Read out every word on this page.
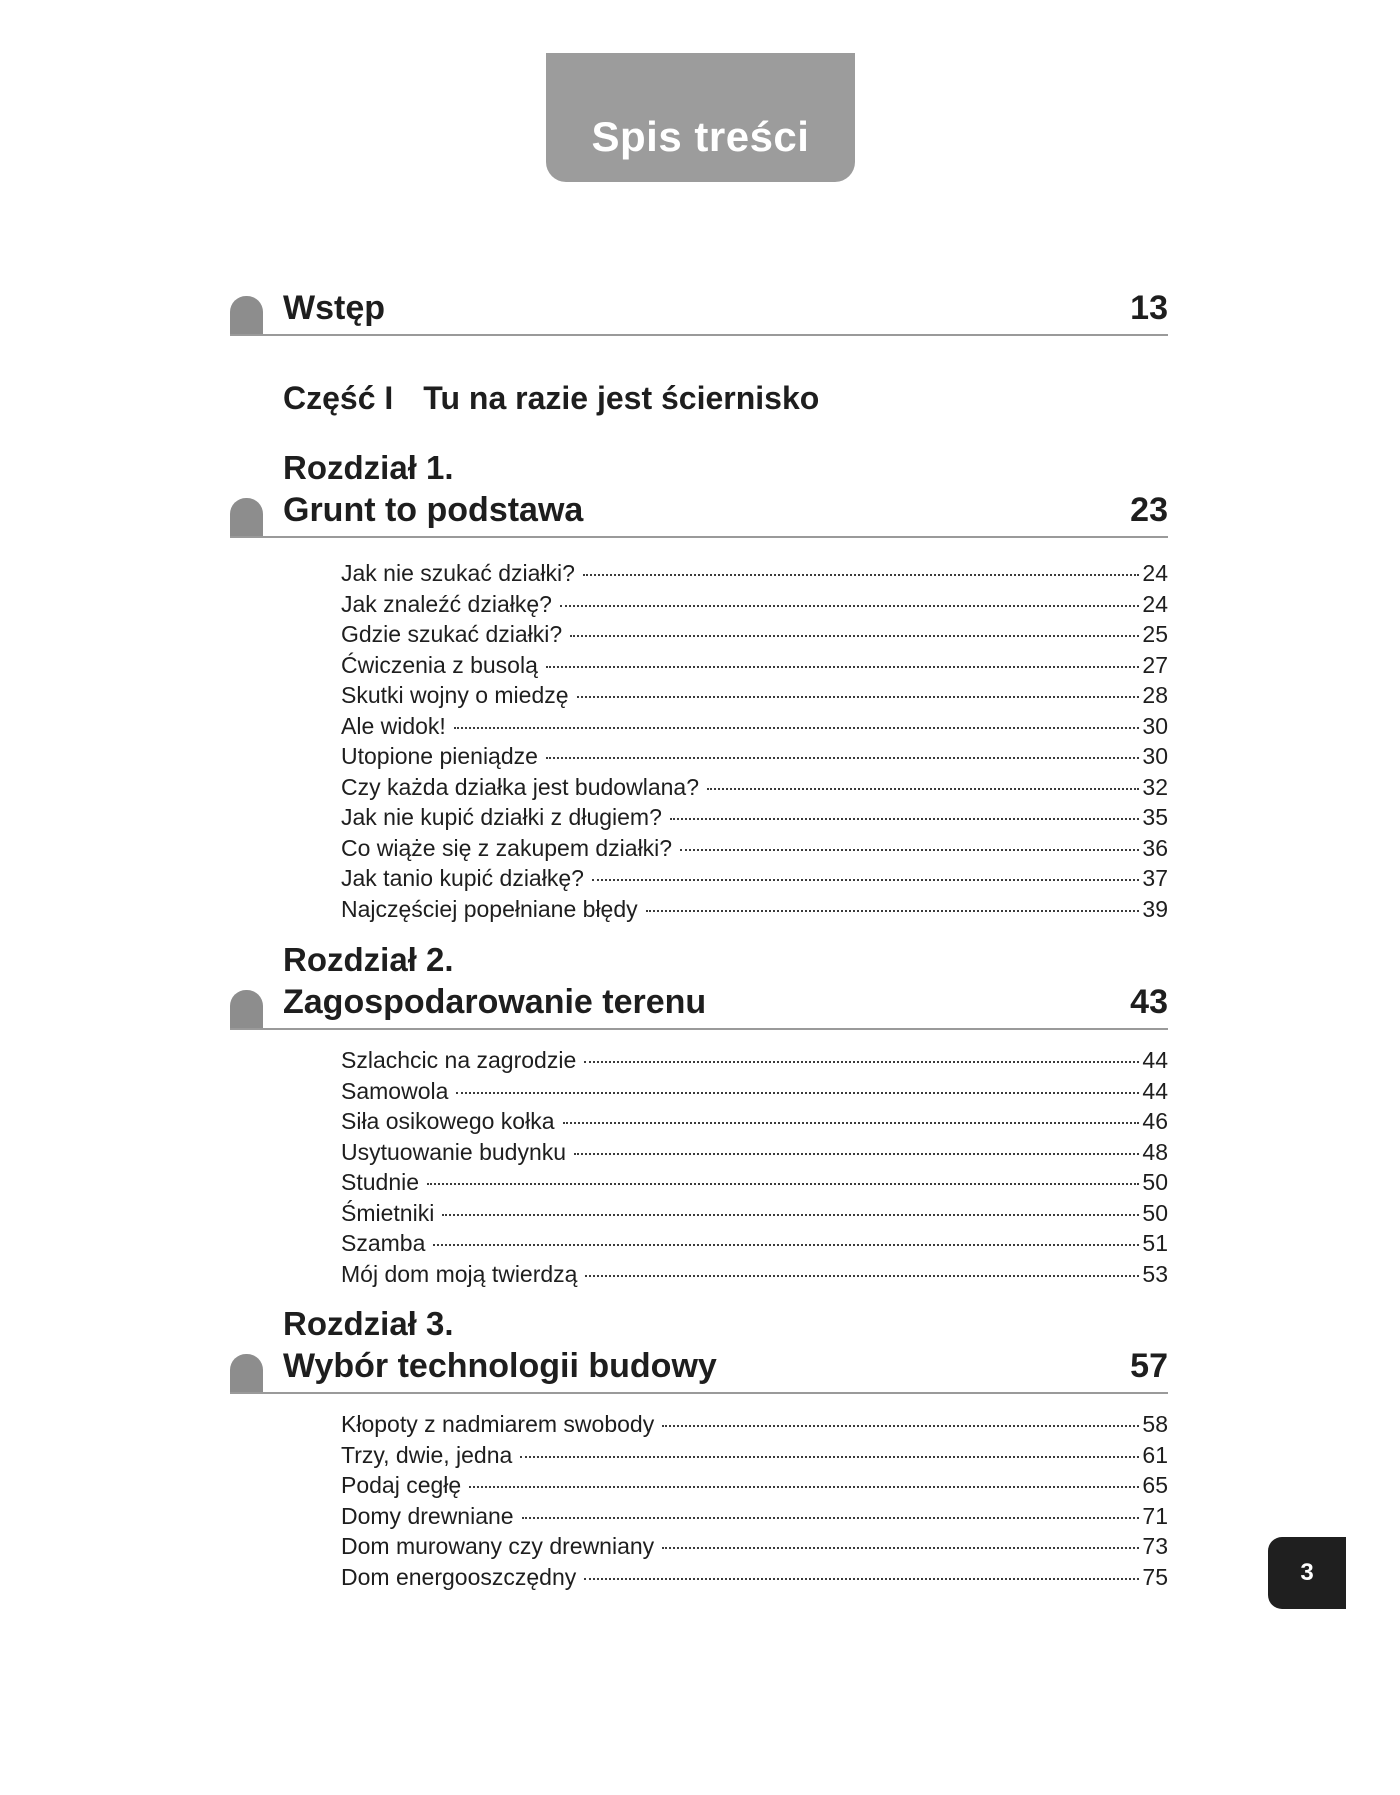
Spis treści
Wstęp	13
Część I Tu na razie jest ściernisko
Rozdział 1.
Grunt to podstawa	23
Jak nie szukać działki?	24
Jak znaleźć działkę?	24
Gdzie szukać działki?	25
Ćwiczenia z busolą	27
Skutki wojny o miedzę	28
Ale widok!	30
Utopione pieniądze	30
Czy każda działka jest budowlana?	32
Jak nie kupić działki z długiem?	35
Co wiąże się z zakupem działki?	36
Jak tanio kupić działkę?	37
Najczęściej popełniane błędy	39
Rozdział 2.
Zagospodarowanie terenu	43
Szlachcic na zagrodzie	44
Samowola	44
Siła osikowego kołka	46
Usytuowanie budynku	48
Studnie	50
Śmietniki	50
Szamba	51
Mój dom moją twierdzą	53
Rozdział 3.
Wybór technologii budowy	57
Kłopoty z nadmiarem swobody	58
Trzy, dwie, jedna	61
Podaj cegłę	65
Domy drewniane	71
Dom murowany czy drewniany	73
Dom energooszczędny	75	3
